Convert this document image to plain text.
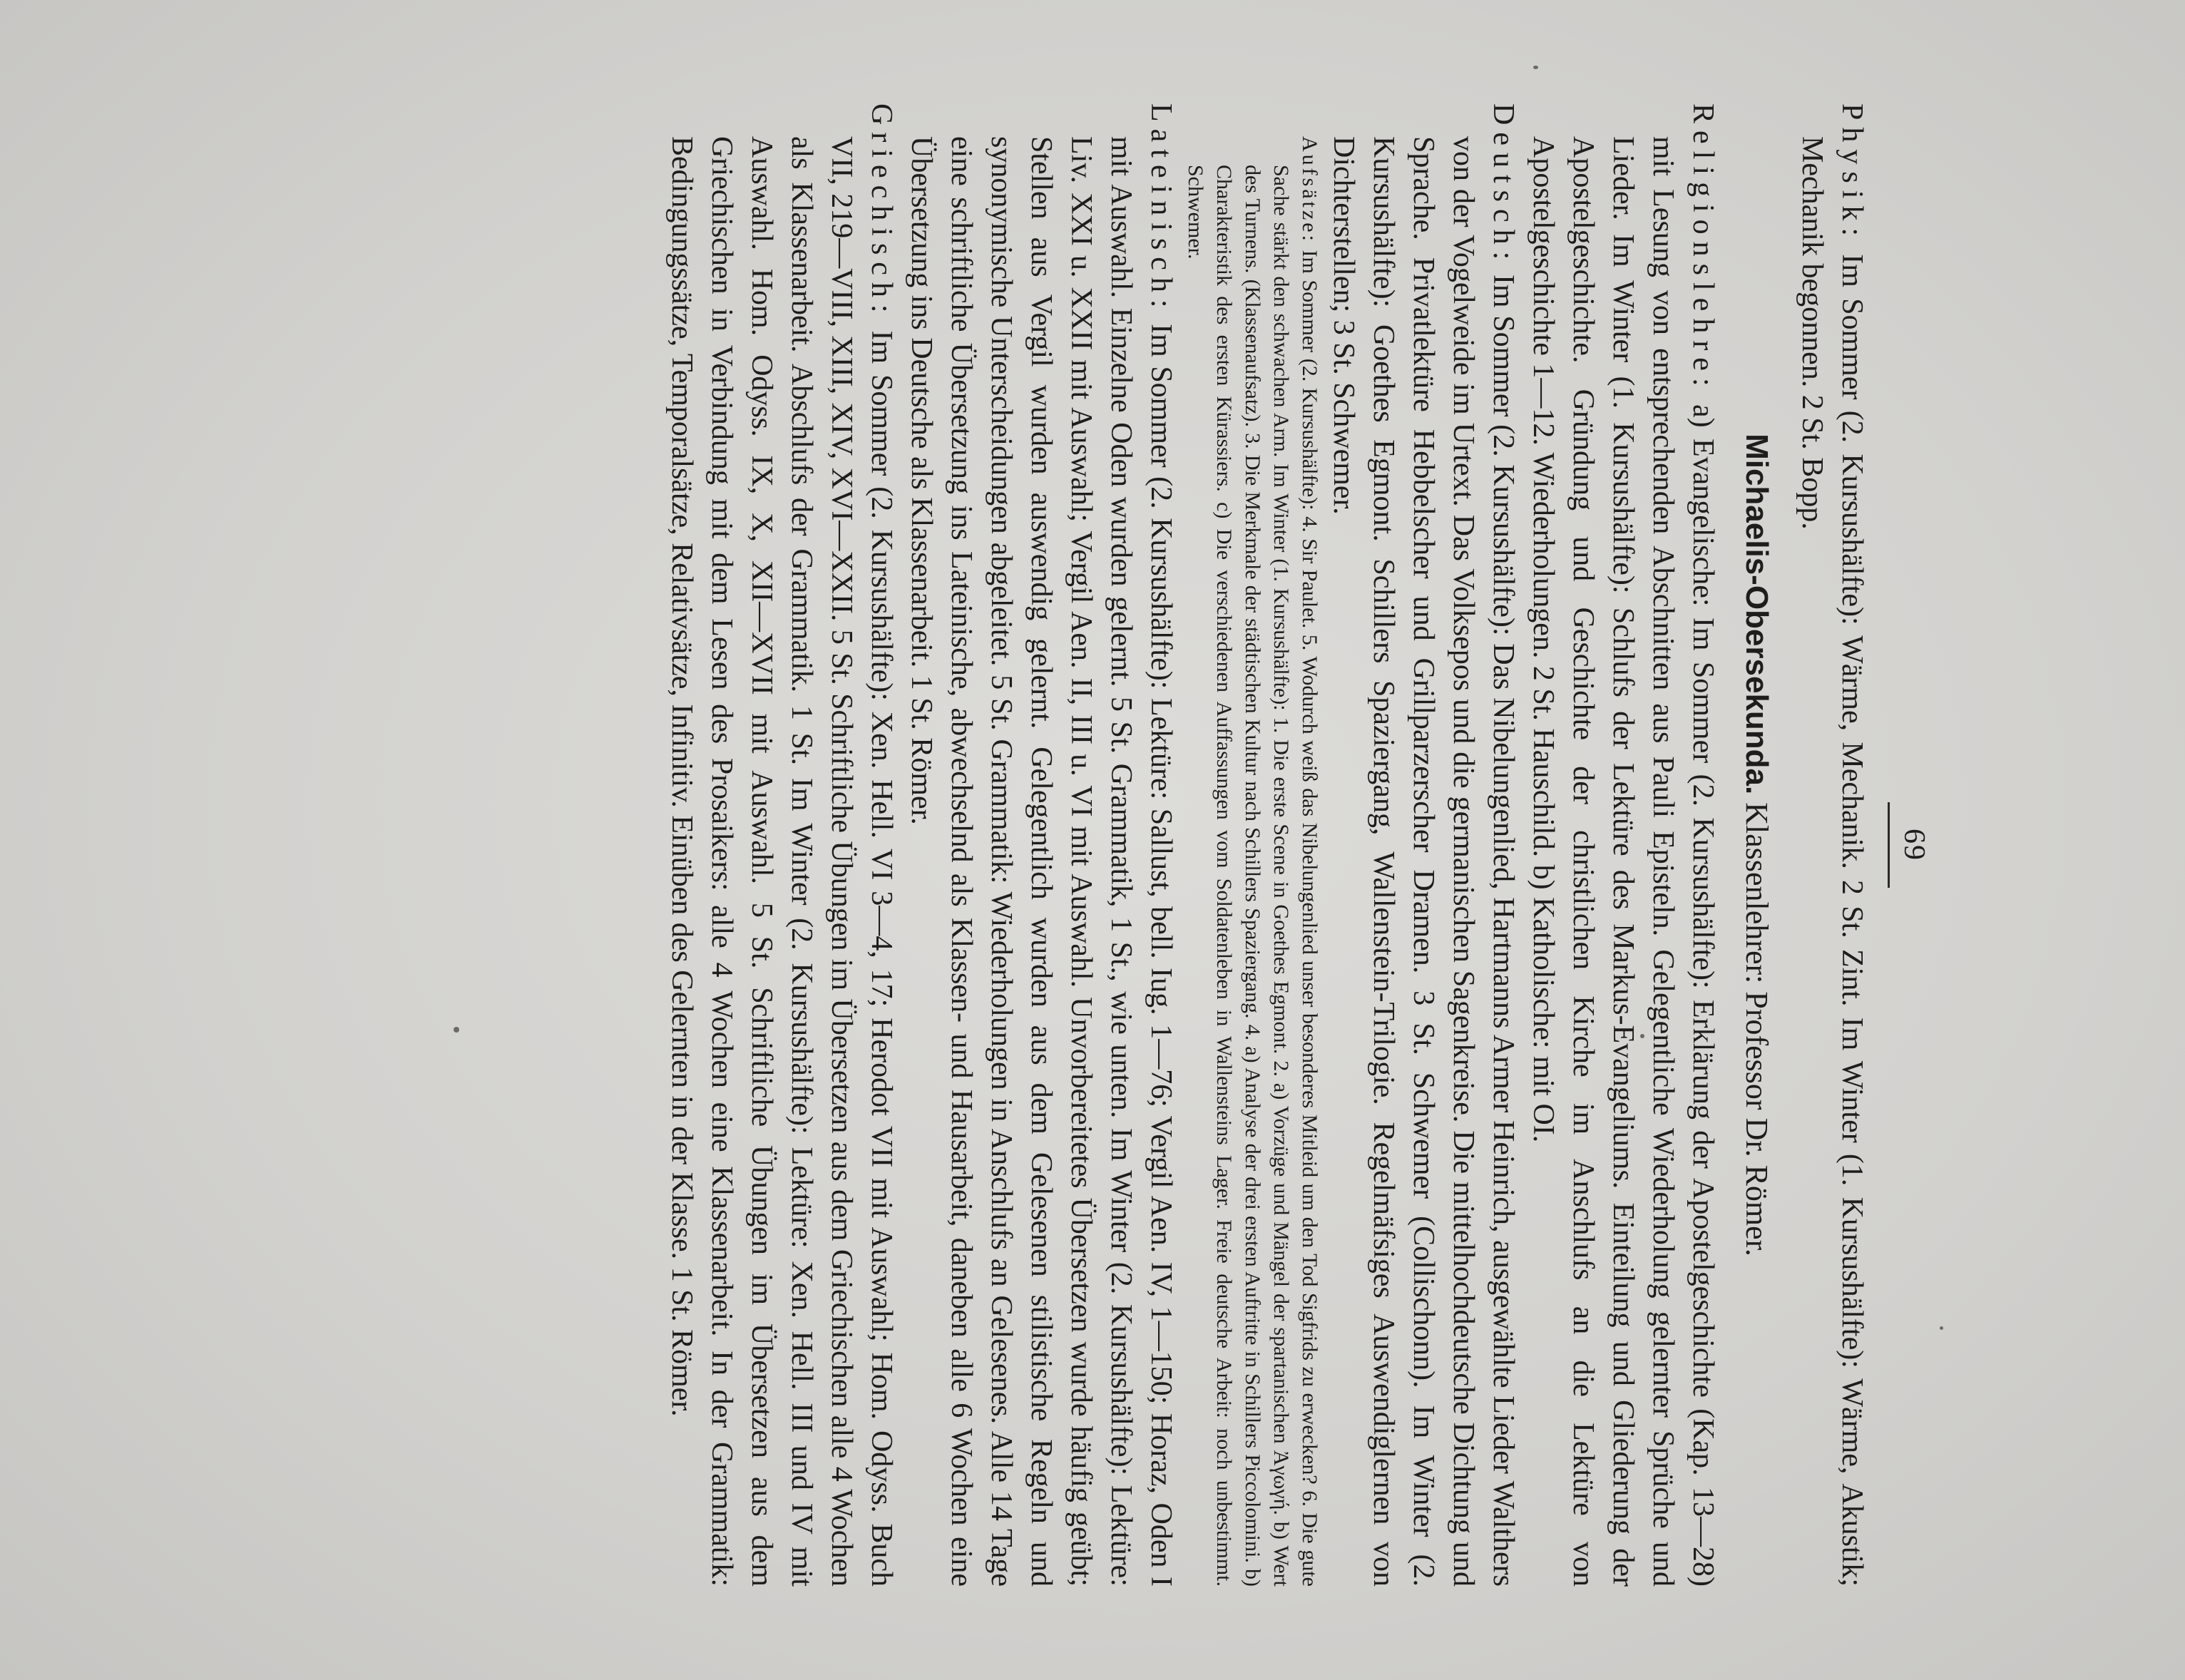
69

Physik: Im Sommer (2. Kursushälfte): Wärme, Mechanik. 2 St. Zint. Im Winter (1. Kursushälfte): Wärme, Akustik; Mechanik begonnen. 2 St. Bopp.

Michaelis-Obersekunda. Klassenlehrer: Professor Dr. Römer.

Religionslehre: a) Evangelische: Im Sommer (2. Kursushälfte): Erklärung der Apostelgeschichte (Kap. 13—28) mit Lesung von entsprechenden Abschnitten aus Pauli Episteln. Gelegentliche Wiederholung gelernter Sprüche und Lieder. Im Winter (1. Kursushälfte): Schlufs der Lektüre des Markus-Evangeliums. Einteilung und Gliederung der Apostelgeschichte. Gründung und Geschichte der christlichen Kirche im Anschlufs an die Lektüre von Apostelgeschichte 1—12. Wiederholungen. 2 St. Hauschild. b) Katholische: mit OI.

Deutsch: Im Sommer (2. Kursushälfte): Das Nibelungenlied, Hartmanns Armer Heinrich, ausgewählte Lieder Walthers von der Vogelweide im Urtext. Das Volksepos und die germanischen Sagenkreise. Die mittelhochdeutsche Dichtung und Sprache. Privatlektüre Hebbelscher und Grillparzerscher Dramen. 3 St. Schwemer (Collischonn). Im Winter (2. Kursushälfte): Goethes Egmont. Schillers Spaziergang, Wallenstein-Trilogie. Regelmäfsiges Auswendiglernen von Dichterstellen; 3 St. Schwemer.

Aufsätze: Im Sommer (2. Kursushälfte): 4. Sir Paulet. 5. Wodurch weiß das Nibelungenlied unser besonderes Mitleid um den Tod Sigfrids zu erwecken? 6. Die gute Sache stärkt den schwachen Arm. Im Winter (1. Kursushälfte): 1. Die erste Scene in Goethes Egmont. 2. a) Vorzüge und Mängel der spartanischen Ἀγωγή. b) Wert des Turnens. (Klassenaufsatz). 3. Die Merkmale der städtischen Kultur nach Schillers Spaziergang. 4. a) Analyse der drei ersten Auftritte in Schillers Piccolomini. b) Charakteristik des ersten Kürassiers. c) Die verschiedenen Auffassungen vom Soldatenleben in Wallensteins Lager. Freie deutsche Arbeit: noch unbestimmt. Schwemer.

Lateinisch: Im Sommer (2. Kursushälfte): Lektüre: Sallust, bell. Iug. 1—76; Vergil Aen. IV, 1—150; Horaz, Oden I mit Auswahl. Einzelne Oden wurden gelernt. 5 St. Grammatik, 1 St., wie unten. Im Winter (2. Kursushälfte): Lektüre: Liv. XXI u. XXII mit Auswahl; Vergil Aen. II, III u. VI mit Auswahl. Unvorbereitetes Übersetzen wurde häufig geübt; Stellen aus Vergil wurden auswendig gelernt. Gelegentlich wurden aus dem Gelesenen stilistische Regeln und synonymische Unterscheidungen abgeleitet. 5 St. Grammatik: Wiederholungen in Anschlufs an Gelesenes. Alle 14 Tage eine schriftliche Übersetzung ins Lateinische, abwechselnd als Klassen- und Hausarbeit, daneben alle 6 Wochen eine Übersetzung ins Deutsche als Klassenarbeit. 1 St. Römer.

Griechisch: Im Sommer (2. Kursushälfte): Xen. Hell. VI 3—4, 17; Herodot VII mit Auswahl; Hom. Odyss. Buch VII, 219—VIII, XIII, XIV, XVI—XXII. 5 St. Schriftliche Übungen im Übersetzen aus dem Griechischen alle 4 Wochen als Klassenarbeit. Abschlufs der Grammatik. 1 St. Im Winter (2. Kursushälfte): Lektüre: Xen. Hell. III und IV mit Auswahl. Hom. Odyss. IX, X, XII—XVII mit Auswahl. 5 St. Schriftliche Übungen im Übersetzen aus dem Griechischen in Verbindung mit dem Lesen des Prosaikers: alle 4 Wochen eine Klassenarbeit. In der Grammatik: Bedingungssätze, Temporalsätze, Relativsätze, Infinitiv. Einüben des Gelernten in der Klasse. 1 St. Römer.
